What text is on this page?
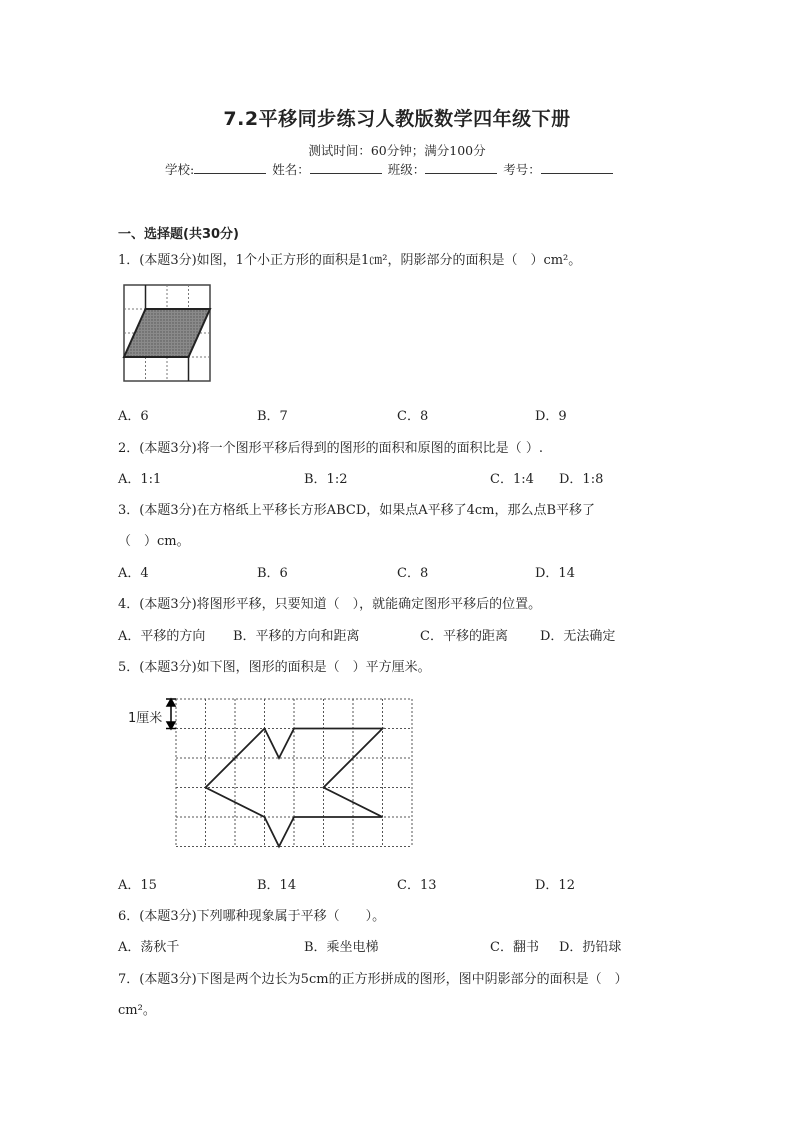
7.2平移同步练习人教版数学四年级下册
测试时间：60分钟；满分100分
学校:	姓名：	班级：	考号：
一、选择题(共30分)
1．(本题3分)如图，1个小正方形的面积是1㎝²，阴影部分的面积是（　）cm²。
A．6	B．7	C．8	D．9
2．(本题3分)将一个图形平移后得到的图形的面积和原图的面积比是（ ）.
A．1:1	B．1:2	C．1:4 D．1:8
3．(本题3分)在方格纸上平移长方形ABCD，如果点A平移了4cm，那么点B平移了
（　）cm。
A．4	B．6	C．8	D．14
4．(本题3分)将图形平移，只要知道（　），就能确定图形平移后的位置。
A．平移的方向 B．平移的方向和距离	C．平移的距离 D．无法确定
5．(本题3分)如下图，图形的面积是（　）平方厘米。
1厘米
A．15	B．14	C．13	D．12
6．(本题3分)下列哪种现象属于平移（　　）。
A．荡秋千	B．乘坐电梯	C．翻书 D．扔铅球
7．(本题3分)下图是两个边长为5cm的正方形拼成的图形，图中阴影部分的面积是（　）
cm²。
